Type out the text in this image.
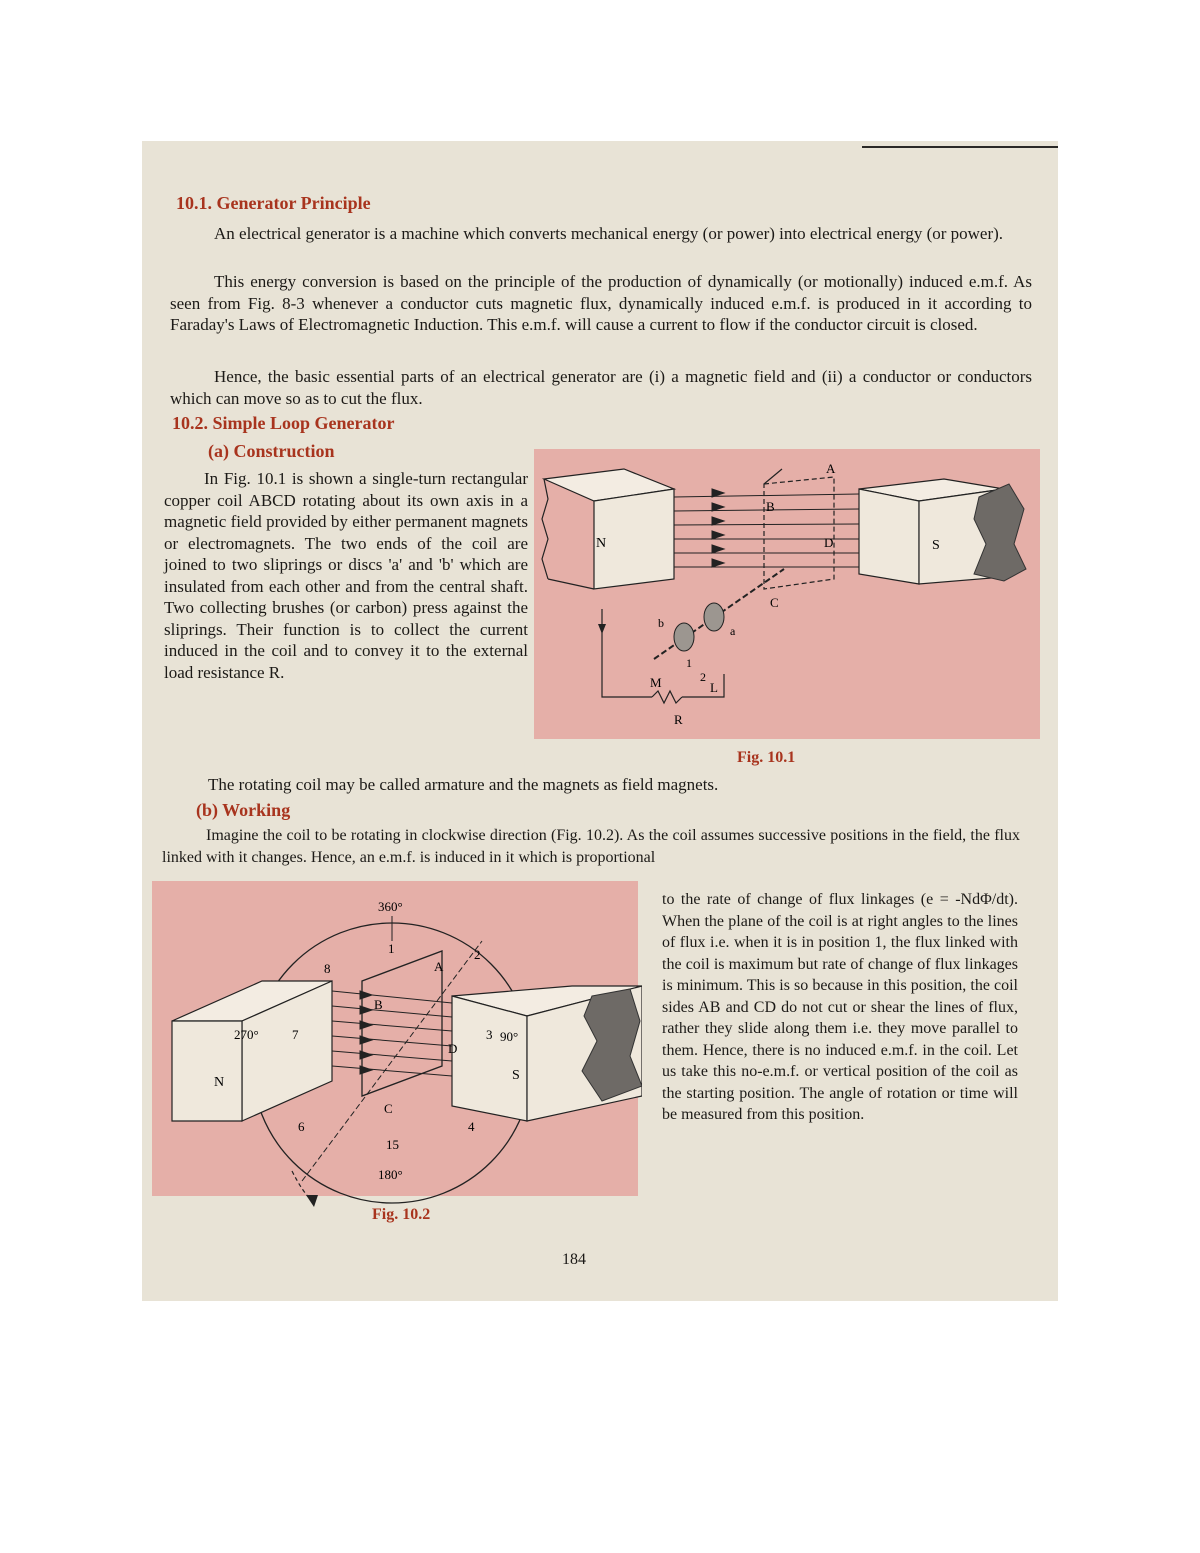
10.1. Generator Principle
An electrical generator is a machine which converts mechanical energy (or power) into electrical energy (or power).
This energy conversion is based on the principle of the production of dynamically (or motionally) induced e.m.f. As seen from Fig. 8-3 whenever a conductor cuts magnetic flux, dynamically induced e.m.f. is produced in it according to Faraday's Laws of Electromagnetic Induction. This e.m.f. will cause a current to flow if the conductor circuit is closed.
Hence, the basic essential parts of an electrical generator are (i) a magnetic field and (ii) a conductor or conductors which can move so as to cut the flux.
10.2. Simple Loop Generator
(a) Construction
In Fig. 10.1 is shown a single-turn rectangular copper coil ABCD rotating about its own axis in a magnetic field provided by either permanent magnets or electromagnets. The two ends of the coil are joined to two sliprings or discs 'a' and 'b' which are insulated from each other and from the central shaft. Two collecting brushes (or carbon) press against the sliprings. Their function is to collect the current induced in the coil and to convey it to the external load resistance R.
N	S
A
B
C
D
a
b
1
2
M	L
R
Fig. 10.1
The rotating coil may be called armature and the magnets as field magnets.
(b) Working
Imagine the coil to be rotating in clockwise direction (Fig. 10.2). As the coil assumes successive positions in the field, the flux linked with it changes. Hence, an e.m.f. is induced in it which is proportional
N
270°
S
90°
A
B
C
D
360°
1	2
3
4
15
6
7
8
180°
Fig. 10.2
to the rate of change of flux linkages (e = -NdΦ/dt). When the plane of the coil is at right angles to the lines of flux i.e. when it is in position 1, the flux linked with the coil is maximum but rate of change of flux linkages is minimum. This is so because in this position, the coil sides AB and CD do not cut or shear the lines of flux, rather they slide along them i.e. they move parallel to them. Hence, there is no induced e.m.f. in the coil. Let us take this no-e.m.f. or vertical position of the coil as the starting position. The angle of rotation or time will be measured from this position.
184
